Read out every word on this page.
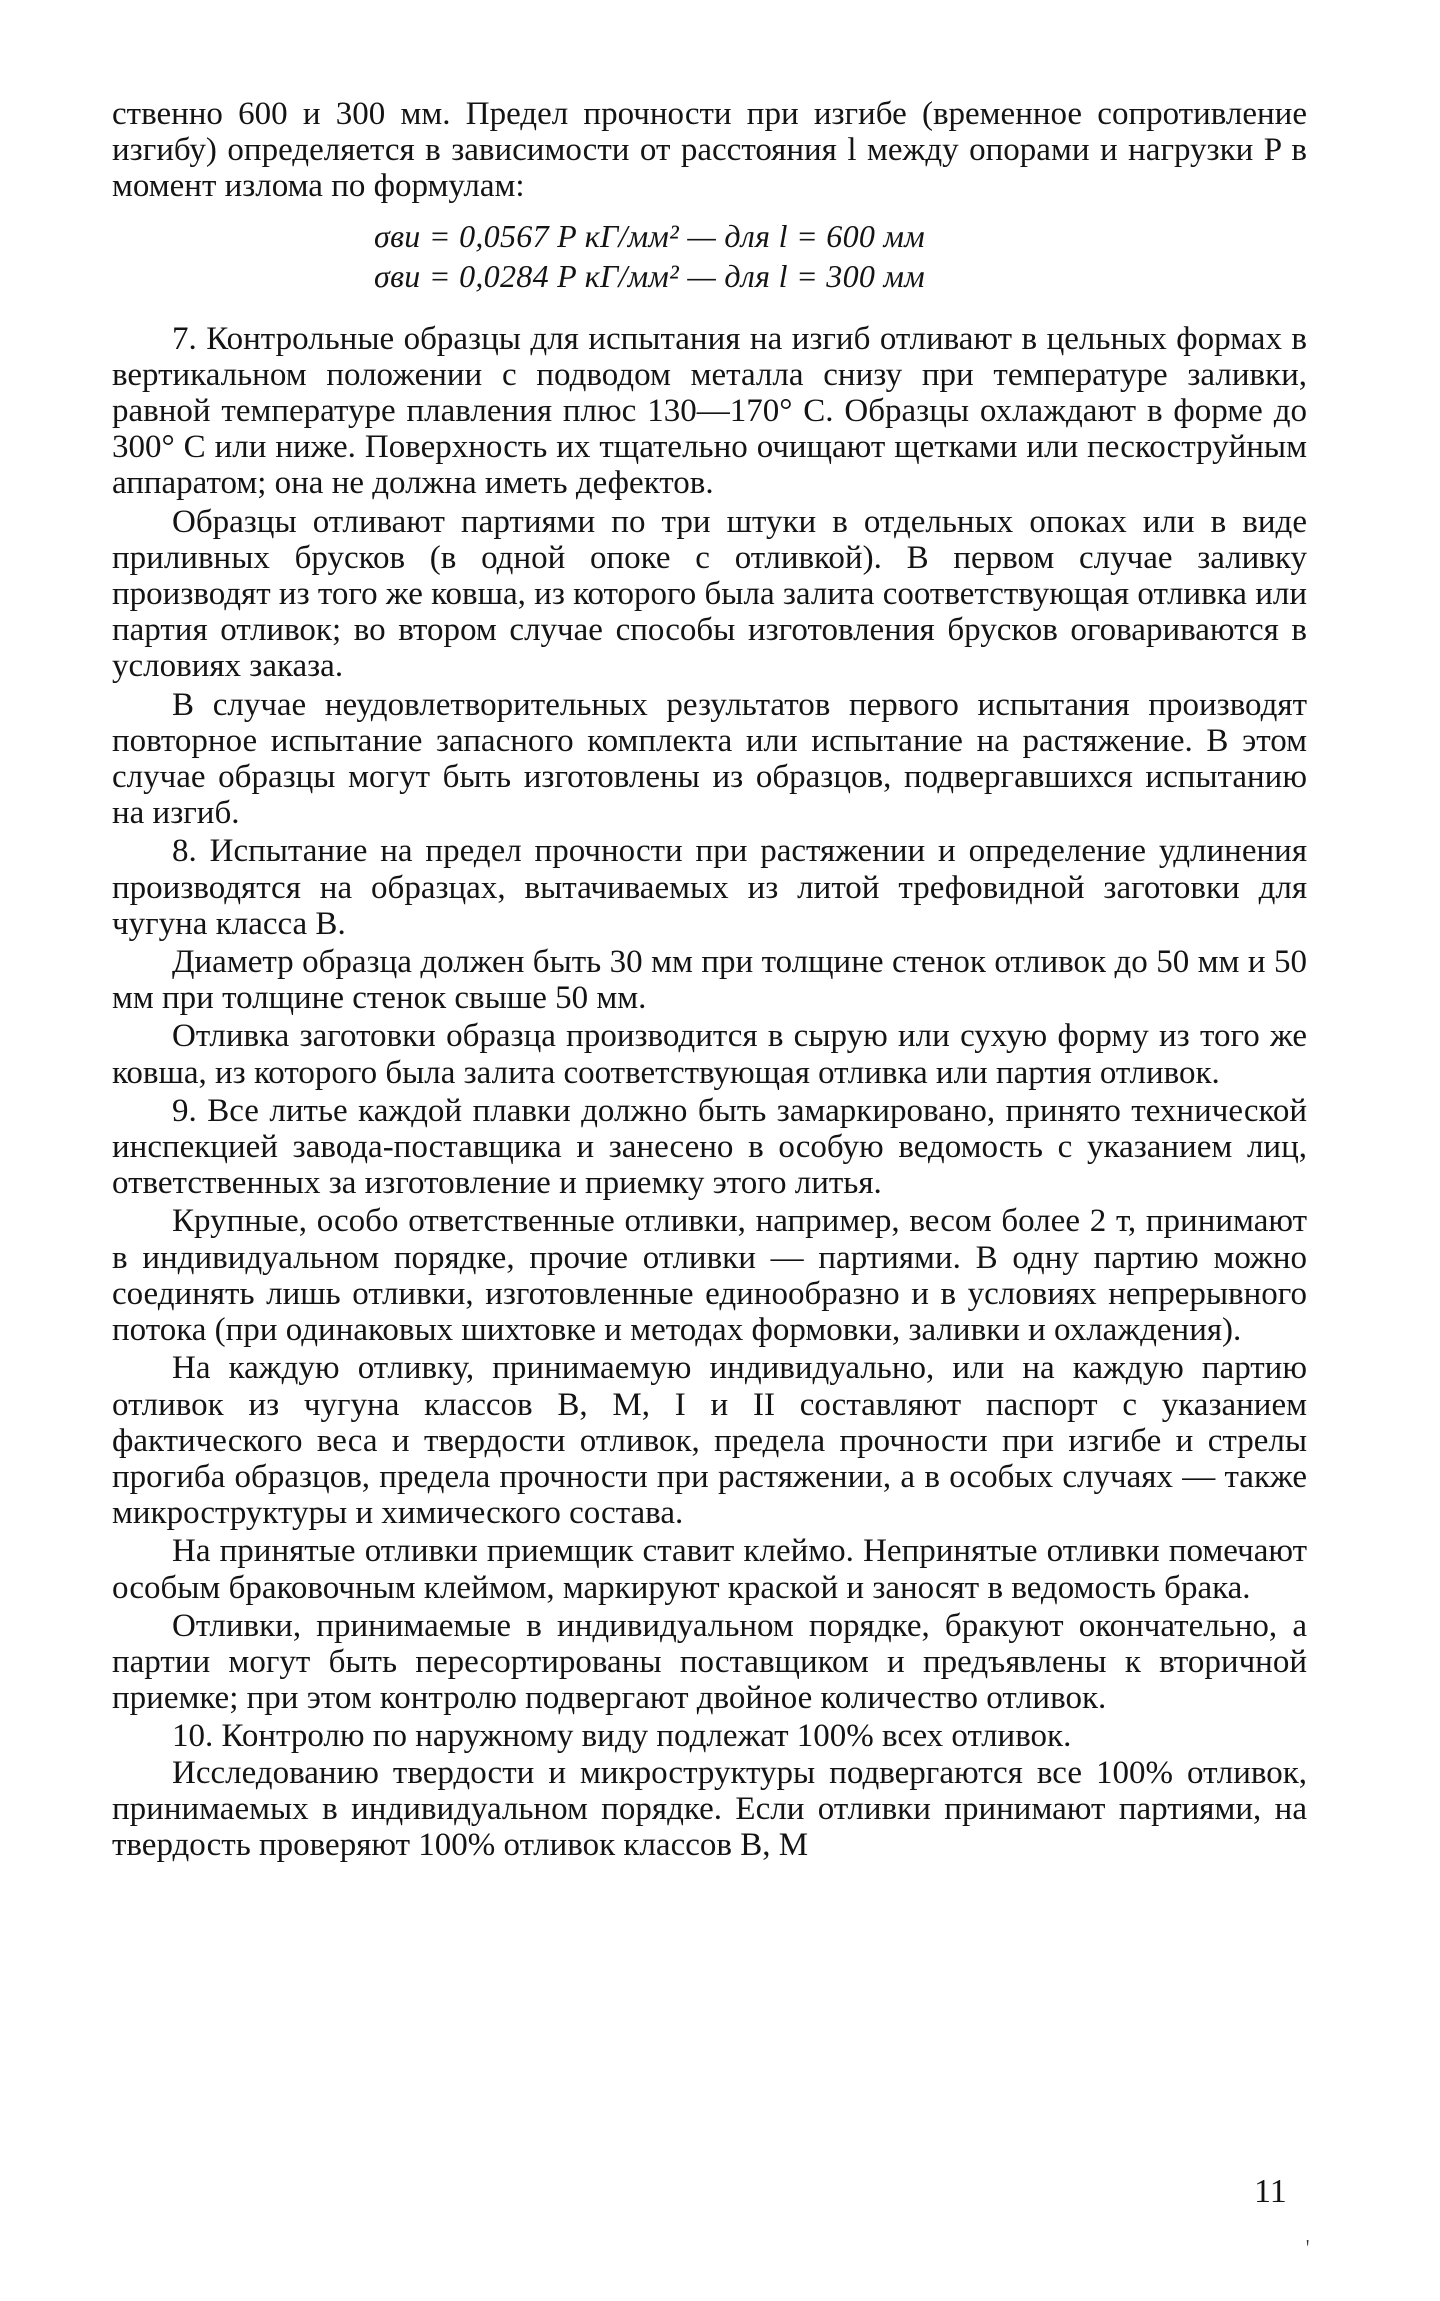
ственно 600 и 300 мм. Предел прочности при изгибе (временное сопротивление изгибу) определяется в зависимости от расстояния l между опорами и нагрузки P в момент излома по формулам:

σви = 0,0567 P кГ/мм² — для l = 600 мм

σви = 0,0284 P кГ/мм² — для l = 300 мм

7. Контрольные образцы для испытания на изгиб отливают в цельных формах в вертикальном положении с подводом металла снизу при температуре заливки, равной температуре плавления плюс 130—170° С. Образцы охлаждают в форме до 300° С или ниже. Поверхность их тщательно очищают щетками или пескоструйным аппаратом; она не должна иметь дефектов.

Образцы отливают партиями по три штуки в отдельных опоках или в виде приливных брусков (в одной опоке с отливкой). В первом случае заливку производят из того же ковша, из которого была залита соответствующая отливка или партия отливок; во втором случае способы изготовления брусков оговариваются в условиях заказа.

В случае неудовлетворительных результатов первого испытания производят повторное испытание запасного комплекта или испытание на растяжение. В этом случае образцы могут быть изготовлены из образцов, подвергавшихся испытанию на изгиб.

8. Испытание на предел прочности при растяжении и определение удлинения производятся на образцах, вытачиваемых из литой трефовидной заготовки для чугуна класса В.

Диаметр образца должен быть 30 мм при толщине стенок отливок до 50 мм и 50 мм при толщине стенок свыше 50 мм.

Отливка заготовки образца производится в сырую или сухую форму из того же ковша, из которого была залита соответствующая отливка или партия отливок.

9. Все литье каждой плавки должно быть замаркировано, принято технической инспекцией завода-поставщика и занесено в особую ведомость с указанием лиц, ответственных за изготовление и приемку этого литья.

Крупные, особо ответственные отливки, например, весом более 2 т, принимают в индивидуальном порядке, прочие отливки — партиями. В одну партию можно соединять лишь отливки, изготовленные единообразно и в условиях непрерывного потока (при одинаковых шихтовке и методах формовки, заливки и охлаждения).

На каждую отливку, принимаемую индивидуально, или на каждую партию отливок из чугуна классов В, М, I и II составляют паспорт с указанием фактического веса и твердости отливок, предела прочности при изгибе и стрелы прогиба образцов, предела прочности при растяжении, а в особых случаях — также микроструктуры и химического состава.

На принятые отливки приемщик ставит клеймо. Непринятые отливки помечают особым браковочным клеймом, маркируют краской и заносят в ведомость брака.

Отливки, принимаемые в индивидуальном порядке, бракуют окончательно, а партии могут быть пересортированы поставщиком и предъявлены к вторичной приемке; при этом контролю подвергают двойное количество отливок.

10. Контролю по наружному виду подлежат 100% всех отливок.

Исследованию твердости и микроструктуры подвергаются все 100% отливок, принимаемых в индивидуальном порядке. Если отливки принимают партиями, на твердость проверяют 100% отливок классов В, М

11
ꞌ
